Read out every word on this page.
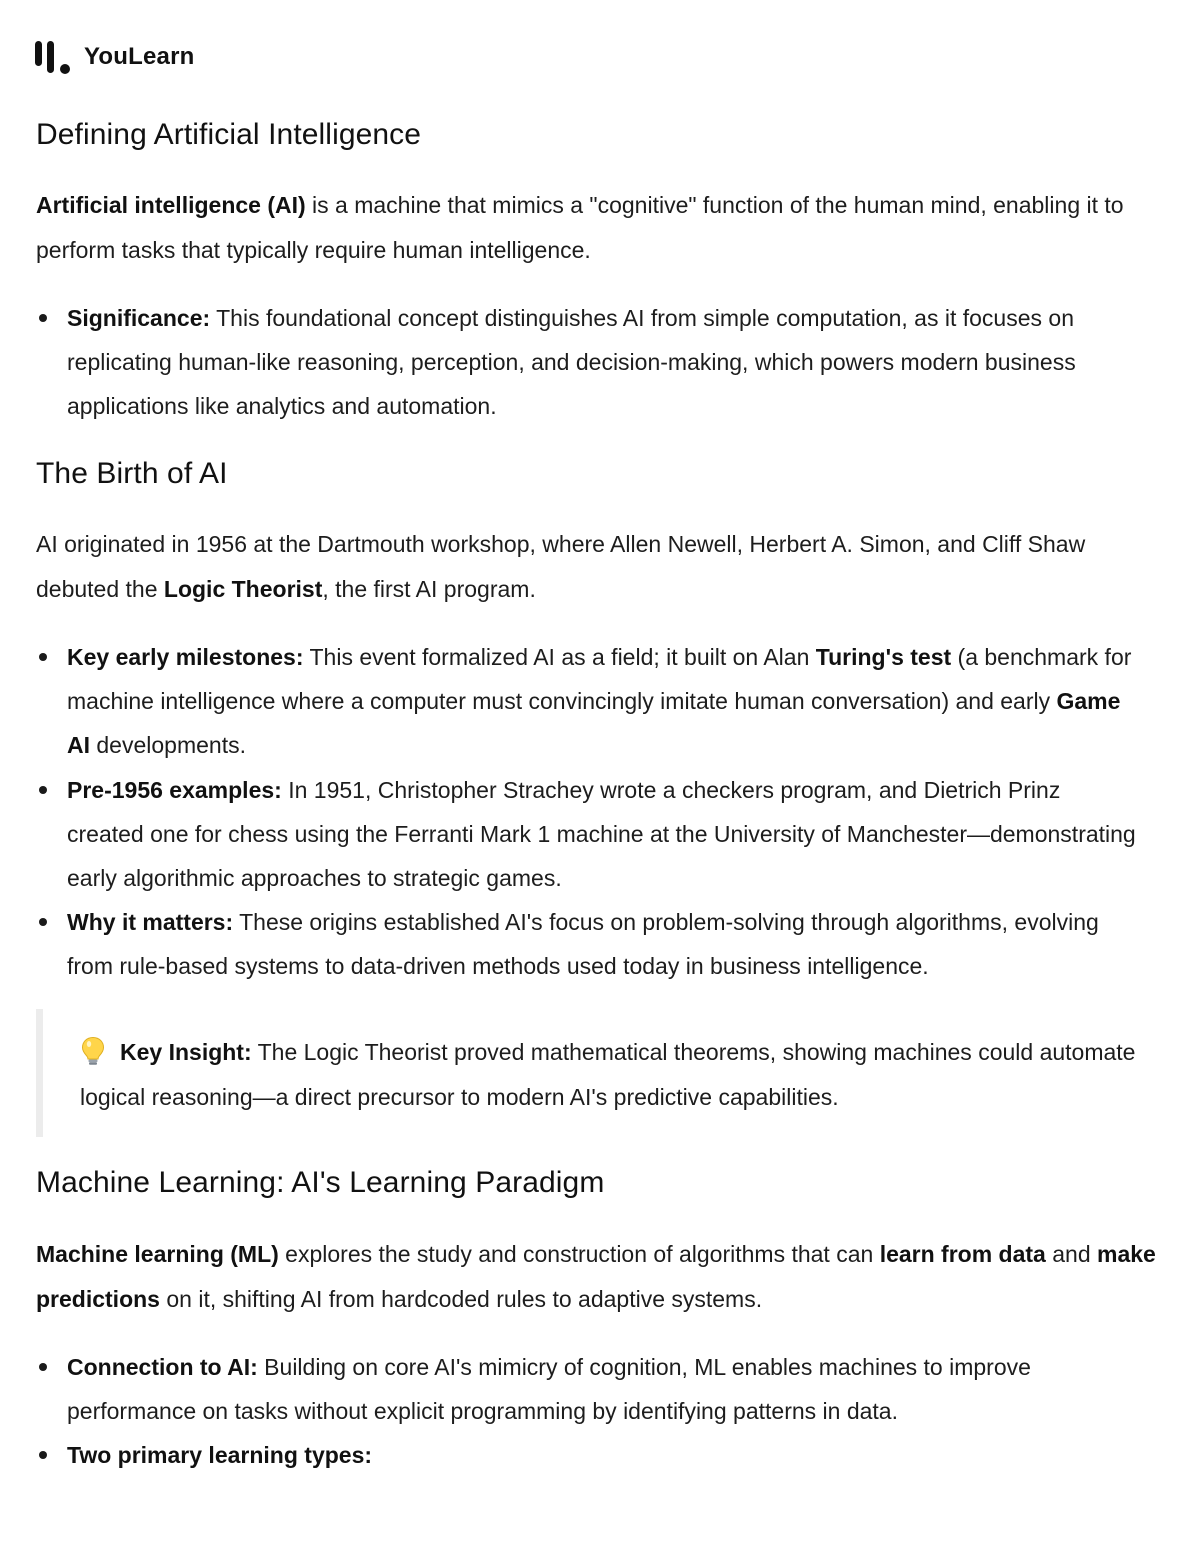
YouLearn
Defining Artificial Intelligence

Artificial intelligence (AI) is a machine that mimics a "cognitive" function of the human mind, enabling it to perform tasks that typically require human intelligence.

Significance: This foundational concept distinguishes AI from simple computation, as it focuses on replicating human-like reasoning, perception, and decision-making, which powers modern business applications like analytics and automation.
The Birth of AI

AI originated in 1956 at the Dartmouth workshop, where Allen Newell, Herbert A. Simon, and Cliff Shaw debuted the Logic Theorist, the first AI program.

Key early milestones: This event formalized AI as a field; it built on Alan Turing's test (a benchmark for machine intelligence where a computer must convincingly imitate human conversation) and early Game AI developments.
Pre-1956 examples: In 1951, Christopher Strachey wrote a checkers program, and Dietrich Prinz created one for chess using the Ferranti Mark 1 machine at the University of Manchester—demonstrating early algorithmic approaches to strategic games.
Why it matters: These origins established AI's focus on problem-solving through algorithms, evolving from rule-based systems to data-driven methods used today in business intelligence.

Key Insight: The Logic Theorist proved mathematical theorems, showing machines could automate logical reasoning—a direct precursor to modern AI's predictive capabilities.

Machine Learning: AI's Learning Paradigm

Machine learning (ML) explores the study and construction of algorithms that can learn from data and make predictions on it, shifting AI from hardcoded rules to adaptive systems.

Connection to AI: Building on core AI's mimicry of cognition, ML enables machines to improve performance on tasks without explicit programming by identifying patterns in data.
Two primary learning types:
